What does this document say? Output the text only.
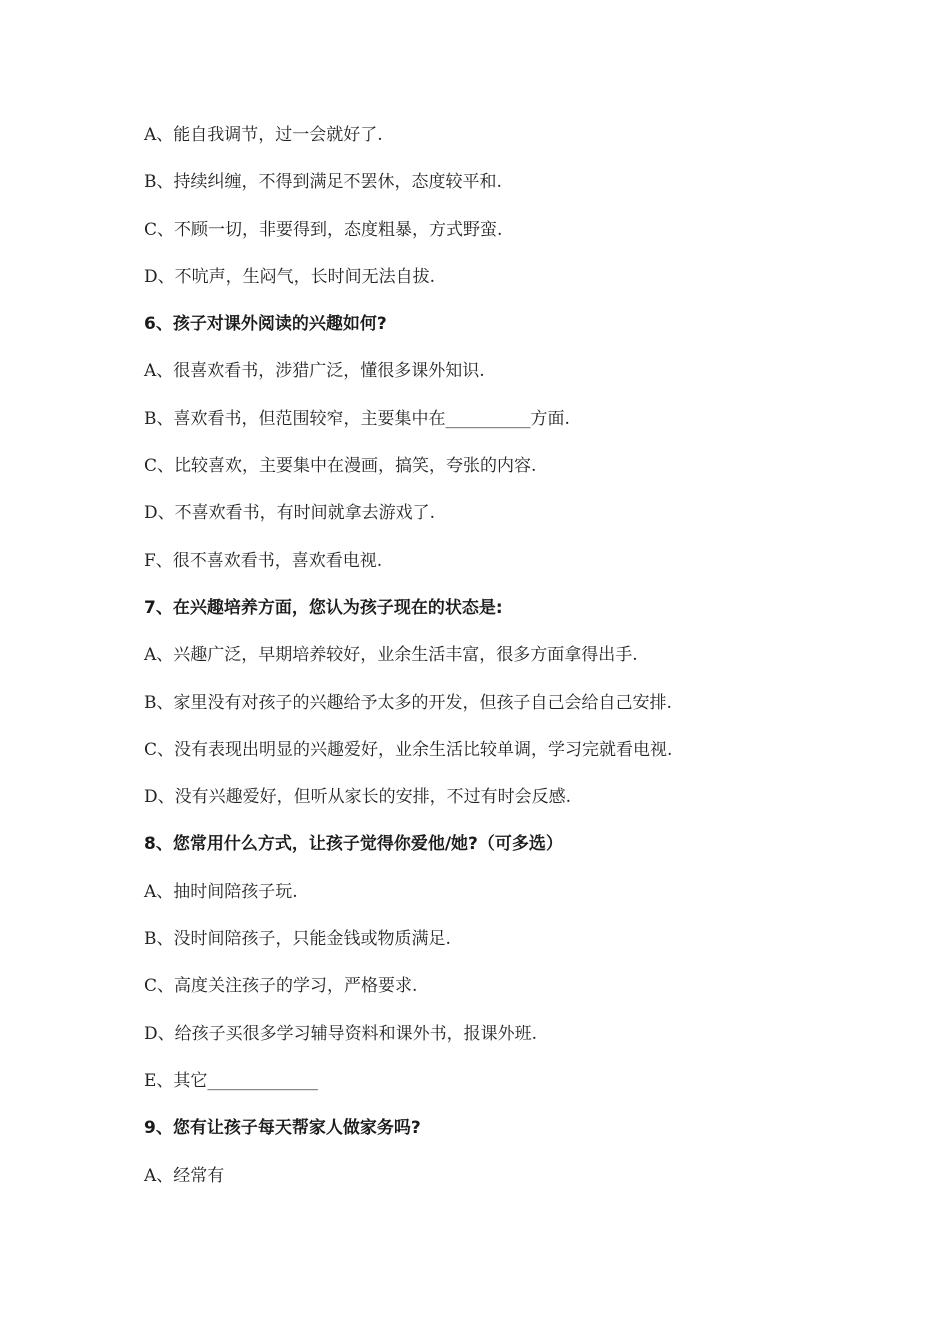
A、能自我调节，过一会就好了.
B、持续纠缠，不得到满足不罢休，态度较平和.
C、不顾一切，非要得到，态度粗暴，方式野蛮.
D、不吭声，生闷气，长时间无法自拔.
6、孩子对课外阅读的兴趣如何?
A、很喜欢看书，涉猎广泛，懂很多课外知识.
B、喜欢看书，但范围较窄，主要集中在__________方面.
C、比较喜欢，主要集中在漫画，搞笑，夸张的内容.
D、不喜欢看书，有时间就拿去游戏了.
F、很不喜欢看书，喜欢看电视.
7、在兴趣培养方面，您认为孩子现在的状态是:
A、兴趣广泛，早期培养较好，业余生活丰富，很多方面拿得出手.
B、家里没有对孩子的兴趣给予太多的开发，但孩子自己会给自己安排.
C、没有表现出明显的兴趣爱好，业余生活比较单调，学习完就看电视.
D、没有兴趣爱好，但听从家长的安排，不过有时会反感.
8、您常用什么方式，让孩子觉得你爱他/她?（可多选）
A、抽时间陪孩子玩.
B、没时间陪孩子，只能金钱或物质满足.
C、高度关注孩子的学习，严格要求.
D、给孩子买很多学习辅导资料和课外书，报课外班.
E、其它_____________
9、您有让孩子每天帮家人做家务吗?
A、经常有
